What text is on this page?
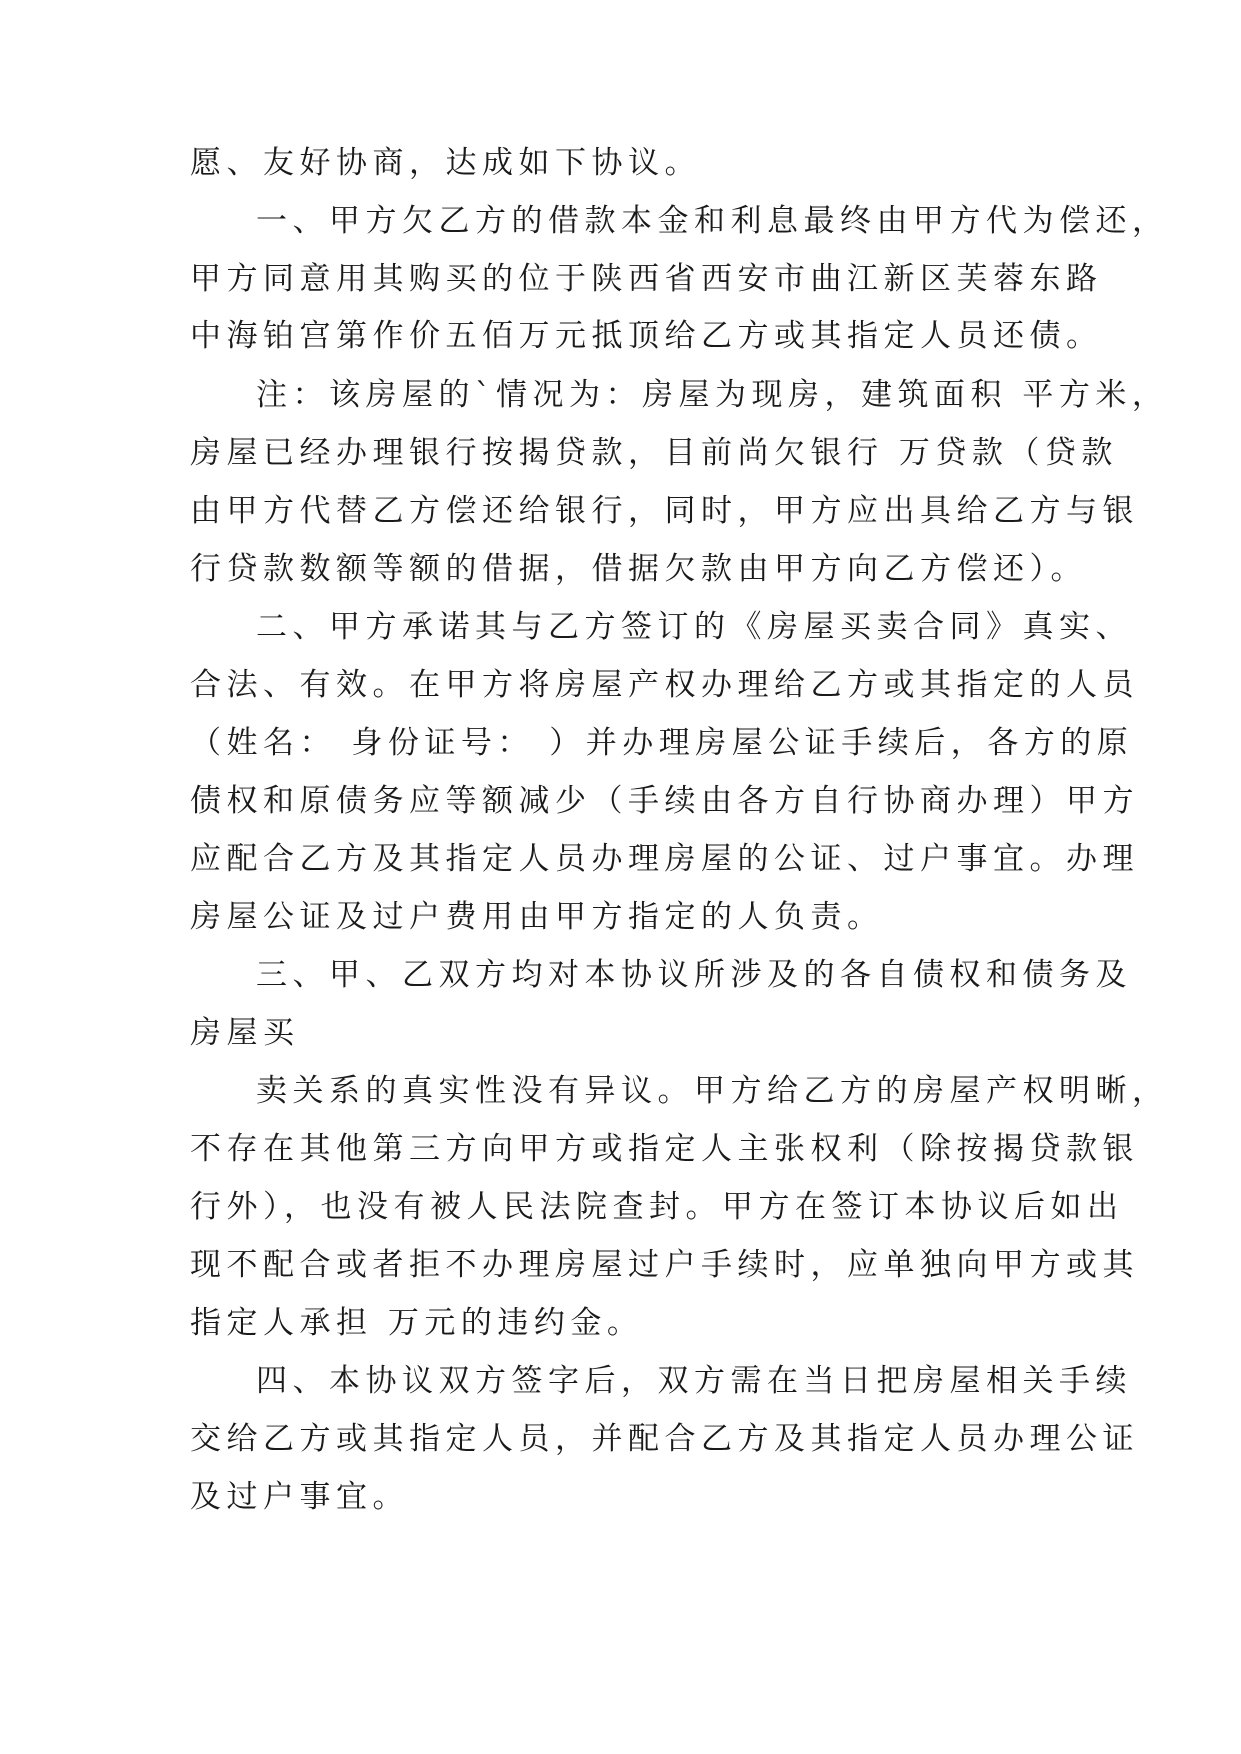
愿、友好协商，达成如下协议。
一、甲方欠乙方的借款本金和利息最终由甲方代为偿还，
甲方同意用其购买的位于陕西省西安市曲江新区芙蓉东路
中海铂宫第作价五佰万元抵顶给乙方或其指定人员还债。
注：该房屋的`情况为：房屋为现房，建筑面积 平方米，
房屋已经办理银行按揭贷款，目前尚欠银行 万贷款（贷款
由甲方代替乙方偿还给银行，同时，甲方应出具给乙方与银
行贷款数额等额的借据，借据欠款由甲方向乙方偿还）。
二、甲方承诺其与乙方签订的《房屋买卖合同》真实、
合法、有效。在甲方将房屋产权办理给乙方或其指定的人员
（姓名： 身份证号： ）并办理房屋公证手续后，各方的原
债权和原债务应等额减少（手续由各方自行协商办理）甲方
应配合乙方及其指定人员办理房屋的公证、过户事宜。办理
房屋公证及过户费用由甲方指定的人负责。
三、甲、乙双方均对本协议所涉及的各自债权和债务及
房屋买
卖关系的真实性没有异议。甲方给乙方的房屋产权明晰，
不存在其他第三方向甲方或指定人主张权利（除按揭贷款银
行外），也没有被人民法院查封。甲方在签订本协议后如出
现不配合或者拒不办理房屋过户手续时，应单独向甲方或其
指定人承担 万元的违约金。
四、本协议双方签字后，双方需在当日把房屋相关手续
交给乙方或其指定人员，并配合乙方及其指定人员办理公证
及过户事宜。
